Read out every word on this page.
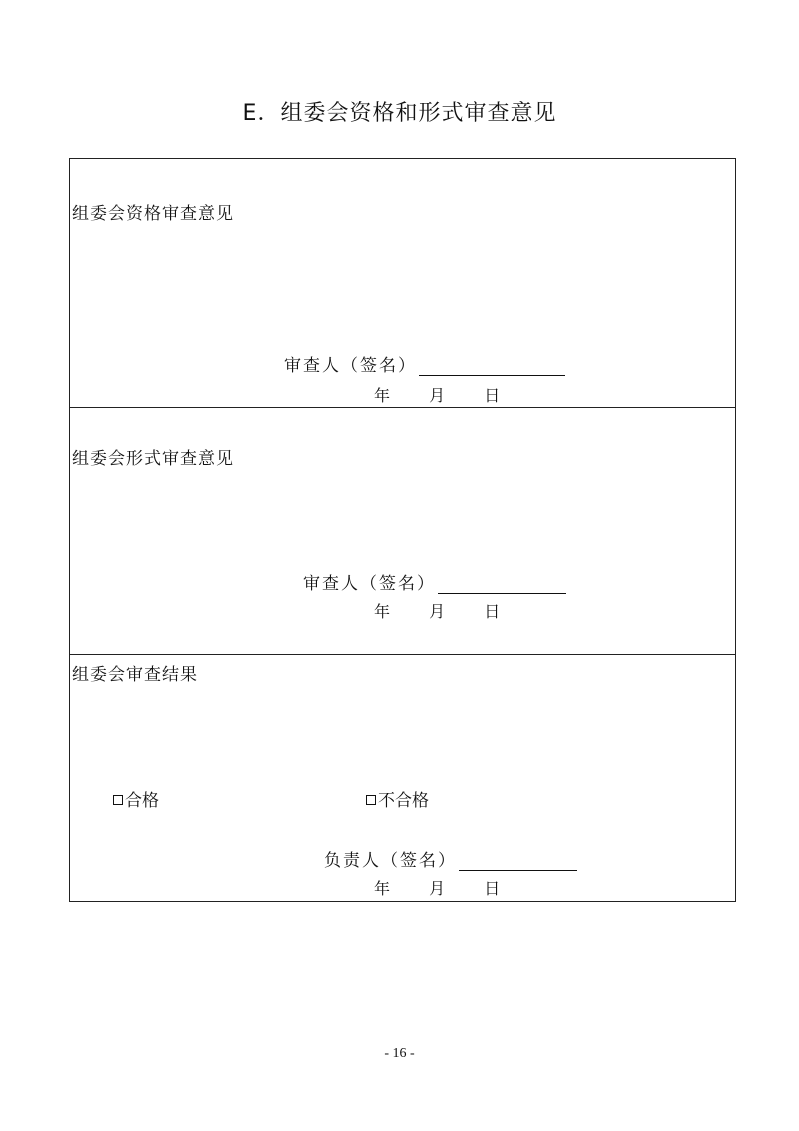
E．组委会资格和形式审查意见
组委会资格审查意见
审查人（签名）
年 月 日
组委会形式审查意见
审查人（签名）
年 月 日
组委会审查结果
合格	不合格
负责人（签名）
年 月 日
- 16 -
